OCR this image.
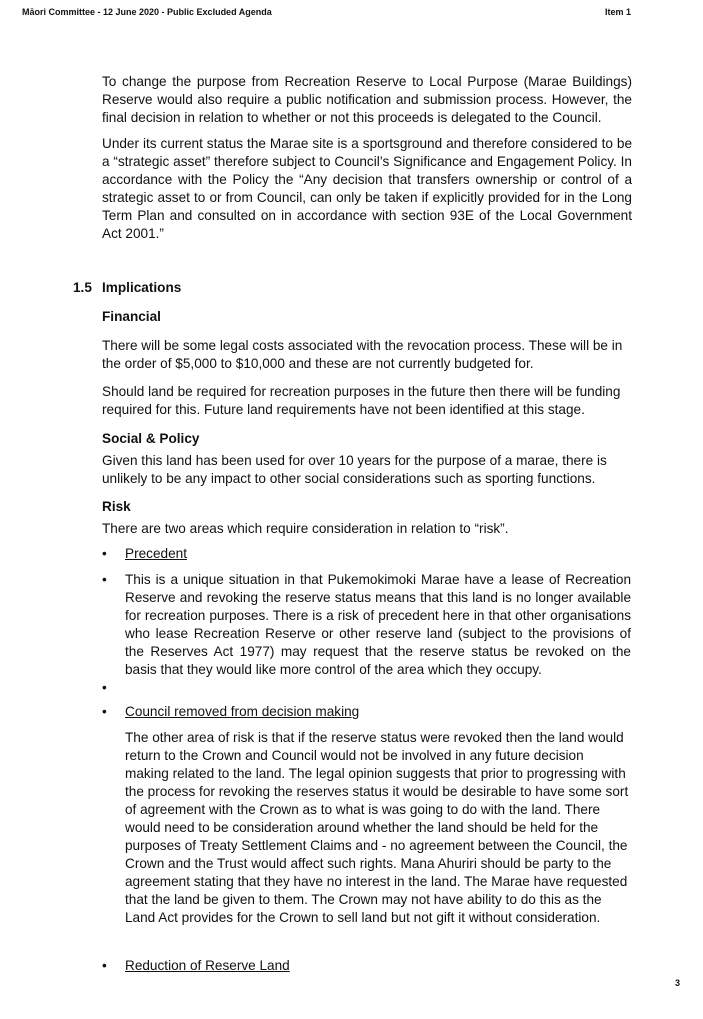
Māori Committee - 12 June 2020 - Public Excluded Agenda	Item 1

To change the purpose from Recreation Reserve to Local Purpose (Marae Buildings) Reserve would also require a public notification and submission process. However, the final decision in relation to whether or not this proceeds is delegated to the Council.

Under its current status the Marae site is a sportsground and therefore considered to be a “strategic asset” therefore subject to Council’s Significance and Engagement Policy. In accordance with the Policy the “Any decision that transfers ownership or control of a strategic asset to or from Council, can only be taken if explicitly provided for in the Long Term Plan and consulted on in accordance with section 93E of the Local Government Act 2001.”

1.5 Implications
Financial

There will be some legal costs associated with the revocation process. These will be in the order of $5,000 to $10,000 and these are not currently budgeted for.

Should land be required for recreation purposes in the future then there will be funding required for this. Future land requirements have not been identified at this stage.

Social & Policy

Given this land has been used for over 10 years for the purpose of a marae, there is unlikely to be any impact to other social considerations such as sporting functions.

Risk

There are two areas which require consideration in relation to “risk”.

• Precedent
• This is a unique situation in that Pukemokimoki Marae have a lease of Recreation Reserve and revoking the reserve status means that this land is no longer available for recreation purposes. There is a risk of precedent here in that other organisations who lease Recreation Reserve or other reserve land (subject to the provisions of the Reserves Act 1977) may request that the reserve status be revoked on the basis that they would like more control of the area which they occupy.

•
• Council removed from decision making

The other area of risk is that if the reserve status were revoked then the land would return to the Crown and Council would not be involved in any future decision making related to the land. The legal opinion suggests that prior to progressing with the process for revoking the reserves status it would be desirable to have some sort of agreement with the Crown as to what is was going to do with the land. There would need to be consideration around whether the land should be held for the purposes of Treaty Settlement Claims and - no agreement between the Council, the Crown and the Trust would affect such rights. Mana Ahuriri should be party to the agreement stating that they have no interest in the land. The Marae have requested that the land be given to them. The Crown may not have ability to do this as the Land Act provides for the Crown to sell land but not gift it without consideration.

• Reduction of Reserve Land
3
